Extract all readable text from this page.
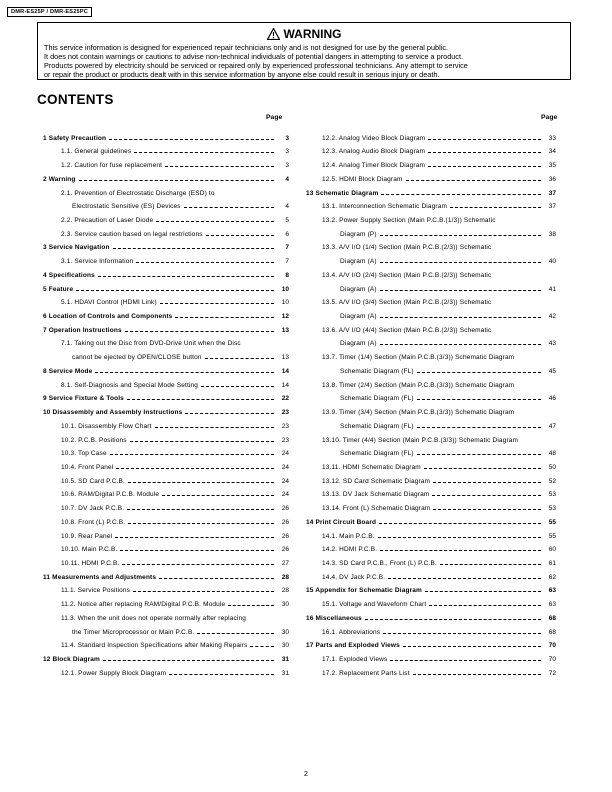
DMR-ES25P / DMR-ES25PC
WARNING
This service information is designed for experienced repair technicians only and is not designed for use by the general public.
It does not contain warnings or cautions to advise non-technical individuals of potential dangers in attempting to service a product.
Products powered by electricity should be serviced or repaired only by experienced professional technicians. Any attempt to service
or repair the product or products dealt with in this service information by anyone else could result in serious injury or death.
CONTENTS
Page	Page
1 Safety Precaution	3
1.1. General guidelines	3
1.2. Caution for fuse replacement	3
2 Warning	4
2.1. Prevention of Electrostatic Discharge (ESD) to
Electrostatic Sensitive (ES) Devices	4
2.2. Precaution of Laser Diode	5
2.3. Service caution based on legal restrictions	6
3 Service Navigation	7
3.1. Service Information	7
4 Specifications	8
5 Feature	10
5.1. HDAVI Control (HDMI Link)	10
6 Location of Controls and Components	12
7 Operation Instructions	13
7.1. Taking out the Disc from DVD-Drive Unit when the Disc
cannot be ejected by OPEN/CLOSE button	13
8 Service Mode	14
8.1. Self-Diagnosis and Special Mode Setting	14
9 Service Fixture & Tools	22
10 Disassembly and Assembly Instructions	23
10.1. Disassembly Flow Chart	23
10.2. P.C.B. Positions	23
10.3. Top Case	24
10.4. Front Panel	24
10.5. SD Card P.C.B.	24
10.6. RAM/Digital P.C.B. Module	24
10.7. DV Jack P.C.B.	26
10.8. Front (L) P.C.B.	26
10.9. Rear Panel	26
10.10. Main P.C.B.	26
10.11. HDMI P.C.B.	27
11 Measurements and Adjustments	28
11.1. Service Positions	28
11.2. Notice after replacing RAM/Digital P.C.B. Module	30
11.3. When the unit does not operate normally after replacing
the Timer Microprocessor or Main P.C.B.	30
11.4. Standard Inspection Specifications after Making Repairs	30
12 Block Diagram	31
12.1. Power Supply Block Diagram	31
12.2. Analog Video Block Diagram	33
12.3. Analog Audio Block Diagram	34
12.4. Analog Timer Block Diagram	35
12.5. HDMI Block Diagram	36
13 Schematic Diagram	37
13.1. Interconnection Schematic Diagram	37
13.2. Power Supply Section (Main P.C.B.(1/3)) Schematic
Diagram (P)	38
13.3. A/V I/O (1/4) Section (Main P.C.B.(2/3)) Schematic
Diagram (A)	40
13.4. A/V I/O (2/4) Section (Main P.C.B.(2/3)) Schematic
Diagram (A)	41
13.5. A/V I/O (3/4) Section (Main P.C.B.(2/3)) Schematic
Diagram (A)	42
13.6. A/V I/O (4/4) Section (Main P.C.B.(2/3)) Schematic
Diagram (A)	43
13.7. Timer (1/4) Section (Main P.C.B.(3/3)) Schematic Diagram
Schematic Diagram (FL)	45
13.8. Timer (2/4) Section (Main P.C.B.(3/3)) Schematic Diagram
Schematic Diagram (FL)	46
13.9. Timer (3/4) Section (Main P.C.B.(3/3)) Schematic Diagram
Schematic Diagram (FL)	47
13.10. Timer (4/4) Section (Main P.C.B.(3/3)) Schematic Diagram
Schematic Diagram (FL)	48
13.11. HDMI Schematic Diagram	50
13.12. SD Card Schematic Diagram	52
13.13. DV Jack Schematic Diagram	53
13.14. Front (L) Schematic Diagram	53
14 Print Circuit Board	55
14.1. Main P.C.B.	55
14.2. HDMI P.C.B.	60
14.3. SD Card P.C.B., Front (L) P.C.B.	61
14.4. DV Jack P.C.B.	62
15 Appendix for Schematic Diagram	63
15.1. Voltage and Waveform Chart	63
16 Miscellaneous	68
16.1. Abbreviations	68
17 Parts and Exploded Views	70
17.1. Exploded Views	70
17.2. Replacement Parts List	72
2
